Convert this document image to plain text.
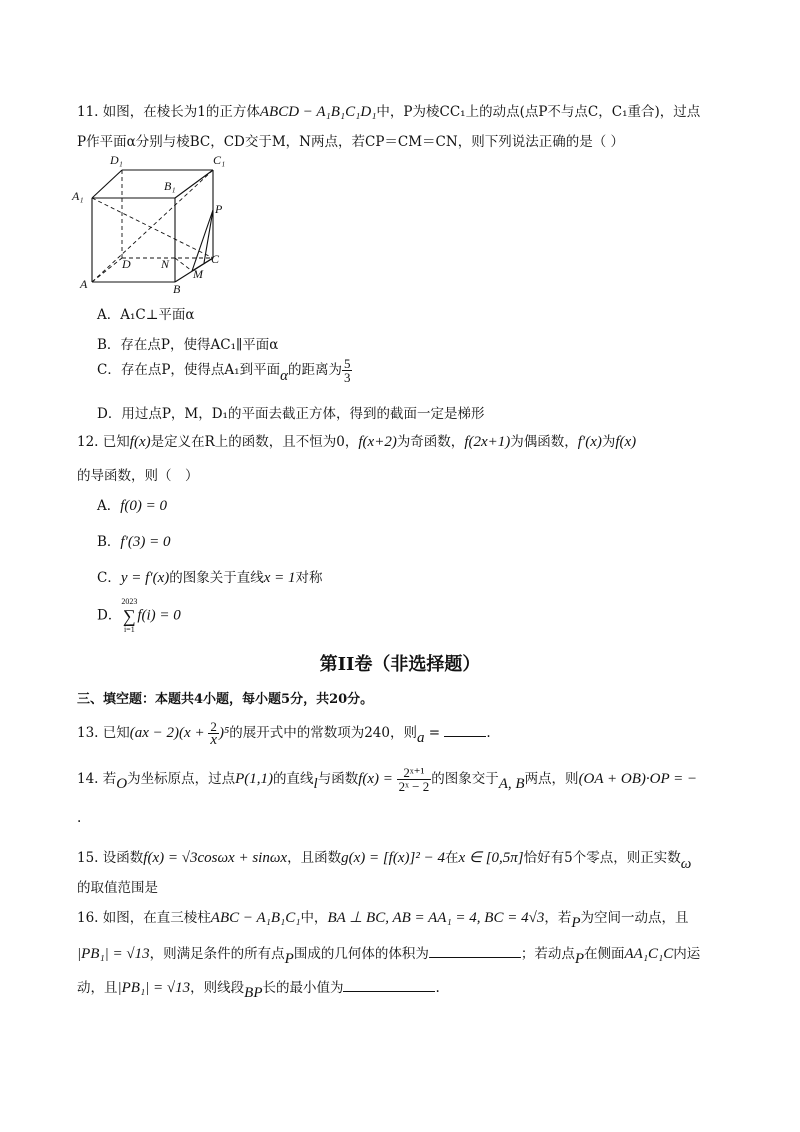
11. 如图，在棱长为1的正方体ABCD − A₁B₁C₁D₁中，P为棱CC₁上的动点(点P不与点C，C₁重合)，过点
P作平面α分别与棱BC，CD交于M，N两点，若CP＝CM＝CN，则下列说法正确的是（ ）
D₁	C₁
A₁
B₁
P
D	N	C
M
A	B
A．A₁C⊥平面α
B．存在点P，使得AC₁∥平面α
C．存在点P，使得点A₁到平面α的距离为 $\frac{5}{3}$
D．用过点P，M，D₁的平面去截正方体，得到的截面一定是梯形
12. 已知f(x)是定义在R上的函数，且不恒为0，f(x+2)为奇函数，f(2x+1)为偶函数，f′(x)为f(x)
的导函数，则（　）
A．f(0) = 0
B．f′(3) = 0
C．y = f′(x)的图象关于直线x = 1对称
D．
2023
∑
i=1
f(i) = 0
第II卷（非选择题）
三、填空题：本题共4小题，每小题5分，共20分。
13. 已知$(ax - 2)(x + \frac{2}{x} )^5$的展开式中的常数项为240，则a =	.
14. 若O为坐标原点，过点P(1,1)的直线l与函数$f(x) = \frac{\text{2ˣ⁺¹}}{\text{2ˣ − 2}}$ 的图象交于A, B两点，则(OA + OB)·OP = −
.
15. 设函数f(x) = √3cosωx + sinωx，且函数g(x) = [f(x)]² − 4在x ∈ [0,5π]恰好有5个零点，则正实数ω
的取值范围是
16. 如图，在直三棱柱ABC − A₁B₁C₁中，BA ⊥ BC, AB = AA₁ = 4, BC = 4√3，若P为空间一动点，且
|PB₁| = √13，则满足条件的所有点P围成的几何体的体积为	；若动点P在侧面AA₁C₁C内运
动，且|PB₁| = √13，则线段BP长的最小值为	.
